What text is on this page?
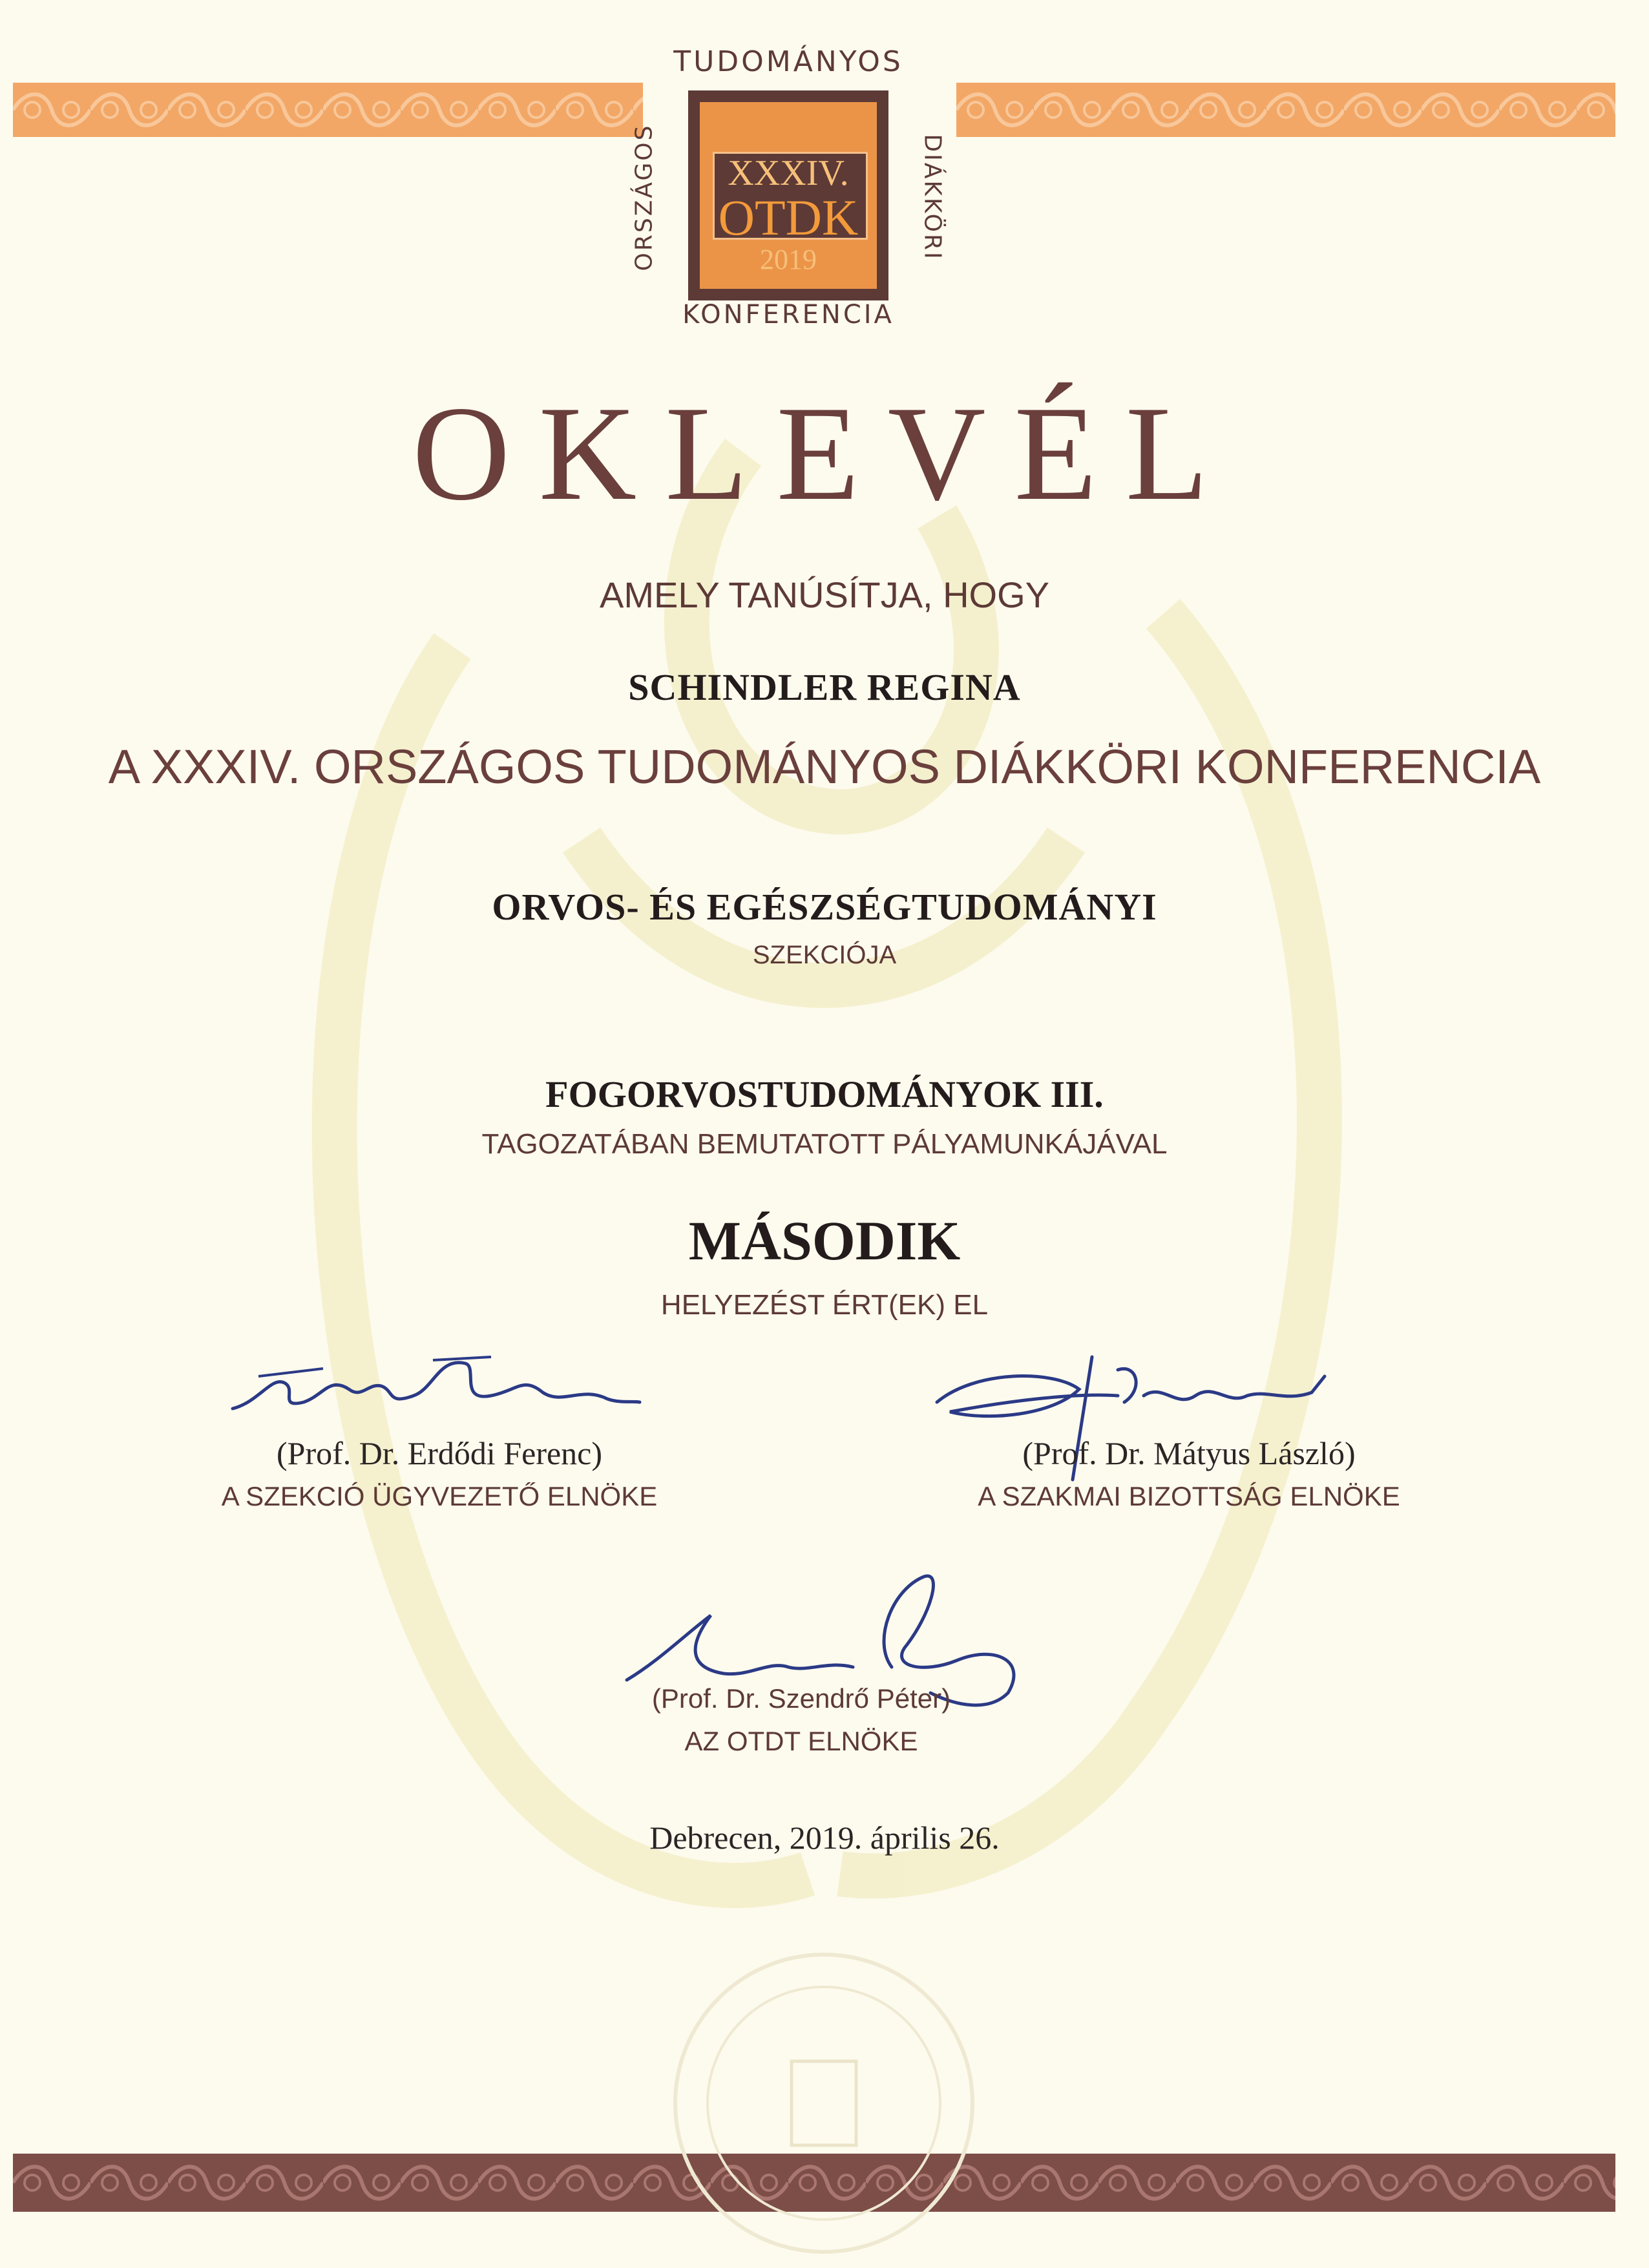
TUDOMÁNYOS
ORSZÁGOS	DIÁKKÖRI
XXXIV.
OTDK
2019
KONFERENCIA
OKLEVÉL
AMELY TANÚSÍTJA, HOGY
SCHINDLER REGINA
A XXXIV. ORSZÁGOS TUDOMÁNYOS DIÁKKÖRI KONFERENCIA
ORVOS- ÉS EGÉSZSÉGTUDOMÁNYI
SZEKCIÓJA
FOGORVOSTUDOMÁNYOK III.
TAGOZATÁBAN BEMUTATOTT PÁLYAMUNKÁJÁVAL
MÁSODIK
HELYEZÉST ÉRT(EK) EL
(Prof. Dr. Erdődi Ferenc)
A SZEKCIÓ ÜGYVEZETŐ ELNÖKE
(Prof. Dr. Mátyus László)
A SZAKMAI BIZOTTSÁG ELNÖKE
(Prof. Dr. Szendrő Péter)
AZ OTDT ELNÖKE
Debrecen, 2019. április 26.
